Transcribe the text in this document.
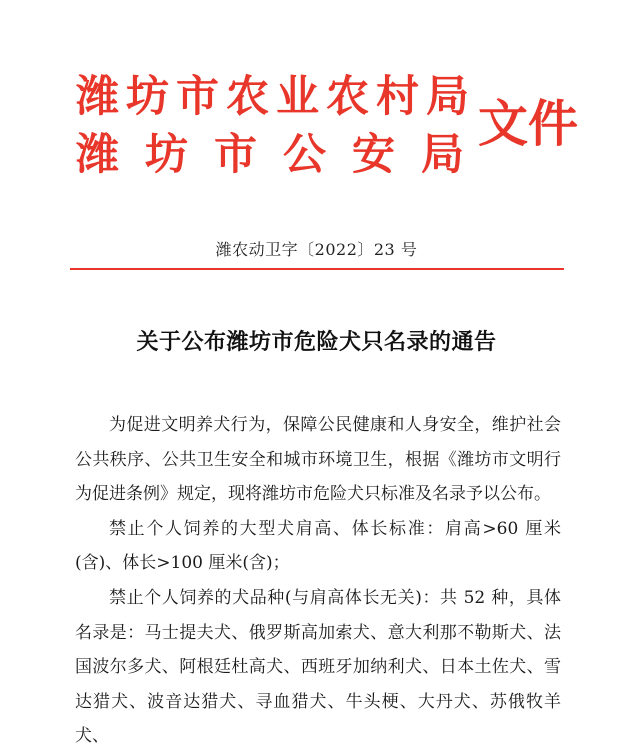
潍坊市农业农村局
潍坊市公安局
文件
潍农动卫字〔2022〕23 号
关于公布潍坊市危险犬只名录的通告

为促进文明养犬行为，保障公民健康和人身安全，维护社会公共秩序、公共卫生安全和城市环境卫生，根据《潍坊市文明行为促进条例》规定，现将潍坊市危险犬只标准及名录予以公布。

禁止个人饲养的大型犬肩高、体长标准：肩高>60 厘米(含)、体长>100 厘米(含)；

禁止个人饲养的犬品种(与肩高体长无关)：共 52 种，具体名录是：马士提夫犬、俄罗斯高加索犬、意大利那不勒斯犬、法国波尔多犬、阿根廷杜高犬、西班牙加纳利犬、日本土佐犬、雪达猎犬、波音达猎犬、寻血猎犬、牛头梗、大丹犬、苏俄牧羊犬、
